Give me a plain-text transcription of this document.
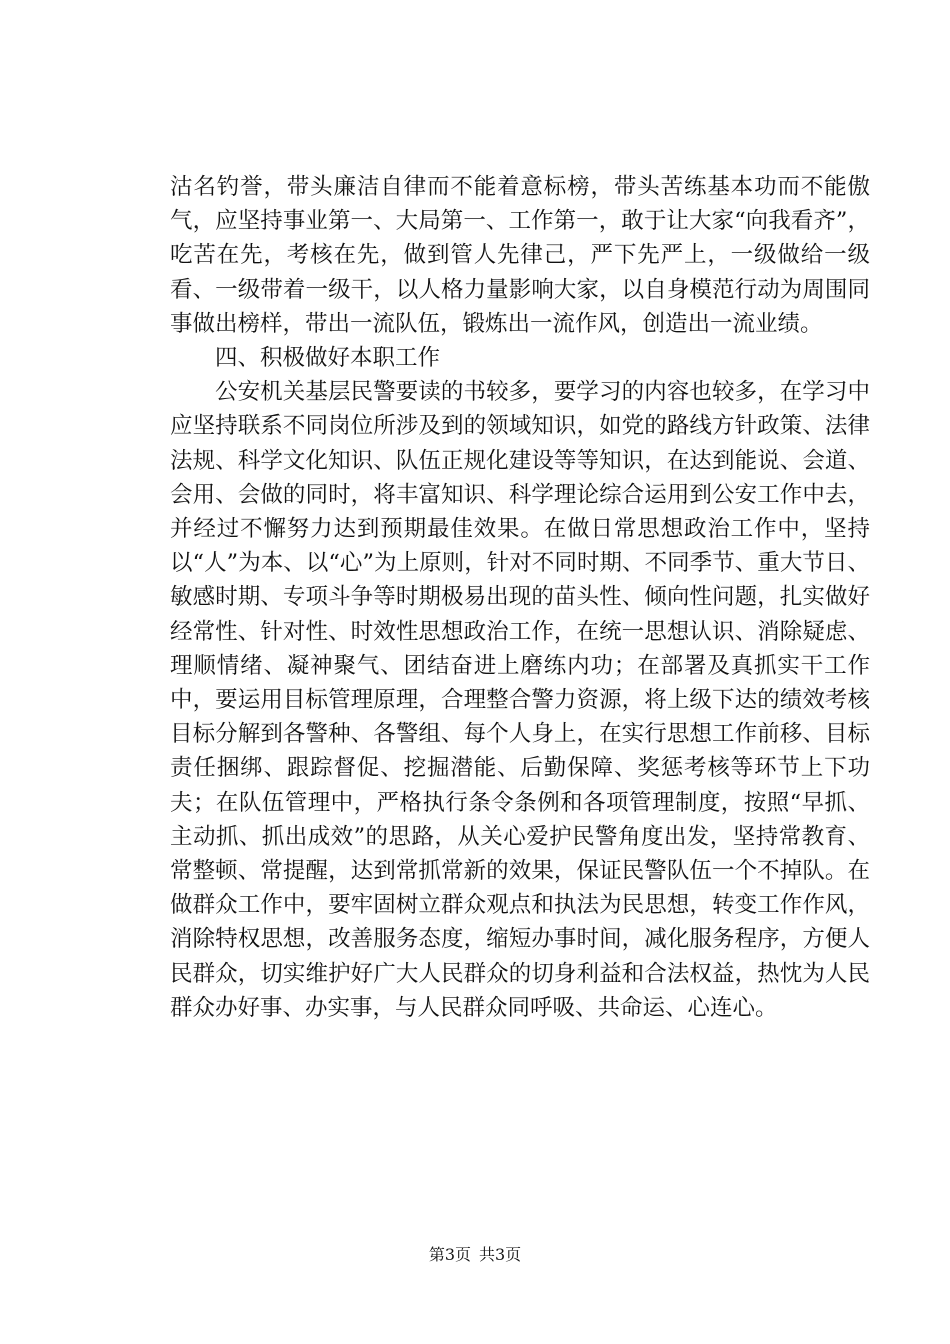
沽名钓誉，带头廉洁自律而不能着意标榜，带头苦练基本功而不能傲气，应坚持事业第一、大局第一、工作第一，敢于让大家“向我看齐”，吃苦在先，考核在先，做到管人先律己，严下先严上，一级做给一级看、一级带着一级干，以人格力量影响大家，以自身模范行动为周围同事做出榜样，带出一流队伍，锻炼出一流作风，创造出一流业绩。

四、积极做好本职工作

公安机关基层民警要读的书较多，要学习的内容也较多，在学习中应坚持联系不同岗位所涉及到的领域知识，如党的路线方针政策、法律法规、科学文化知识、队伍正规化建设等等知识，在达到能说、会道、会用、会做的同时，将丰富知识、科学理论综合运用到公安工作中去，并经过不懈努力达到预期最佳效果。在做日常思想政治工作中，坚持以“人”为本、以“心”为上原则，针对不同时期、不同季节、重大节日、敏感时期、专项斗争等时期极易出现的苗头性、倾向性问题，扎实做好经常性、针对性、时效性思想政治工作，在统一思想认识、消除疑虑、理顺情绪、凝神聚气、团结奋进上磨练内功；在部署及真抓实干工作中，要运用目标管理原理，合理整合警力资源，将上级下达的绩效考核目标分解到各警种、各警组、每个人身上，在实行思想工作前移、目标责任捆绑、跟踪督促、挖掘潜能、后勤保障、奖惩考核等环节上下功夫；在队伍管理中，严格执行条令条例和各项管理制度，按照“早抓、主动抓、抓出成效”的思路，从关心爱护民警角度出发，坚持常教育、常整顿、常提醒，达到常抓常新的效果，保证民警队伍一个不掉队。在做群众工作中，要牢固树立群众观点和执法为民思想，转变工作作风，消除特权思想，改善服务态度，缩短办事时间，减化服务程序，方便人民群众，切实维护好广大人民群众的切身利益和合法权益，热忱为人民群众办好事、办实事，与人民群众同呼吸、共命运、心连心。

第3页 共3页
